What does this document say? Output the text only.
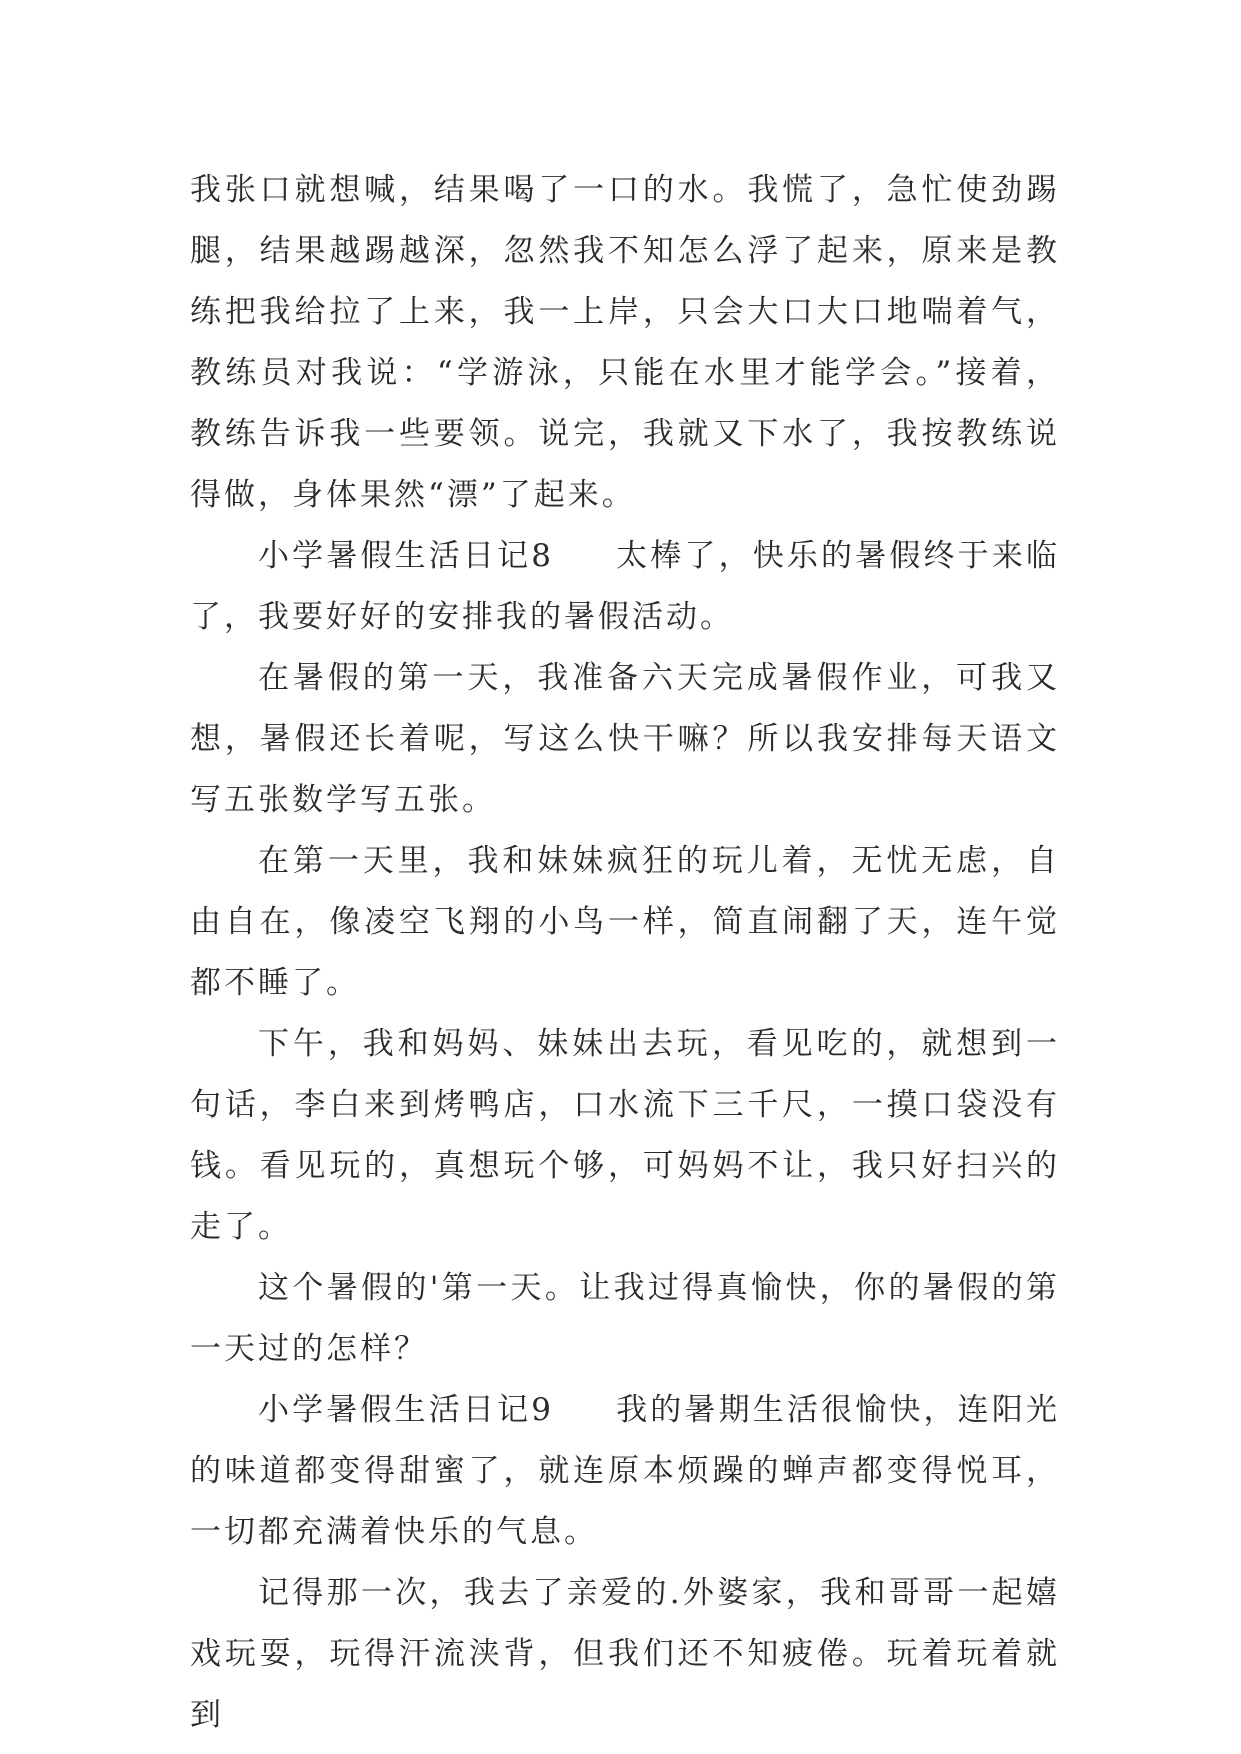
我张口就想喊，结果喝了一口的水。我慌了，急忙使劲踢腿，结果越踢越深，忽然我不知怎么浮了起来，原来是教练把我给拉了上来，我一上岸，只会大口大口地喘着气，教练员对我说：“学游泳，只能在水里才能学会。”接着，教练告诉我一些要领。说完，我就又下水了，我按教练说得做，身体果然“漂”了起来。

小学暑假生活日记8 太棒了，快乐的暑假终于来临了，我要好好的安排我的暑假活动。

在暑假的第一天，我准备六天完成暑假作业，可我又想，暑假还长着呢，写这么快干嘛？所以我安排每天语文写五张数学写五张。

在第一天里，我和妹妹疯狂的玩儿着，无忧无虑，自由自在，像凌空飞翔的小鸟一样，简直闹翻了天，连午觉都不睡了。

下午，我和妈妈、妹妹出去玩，看见吃的，就想到一句话，李白来到烤鸭店，口水流下三千尺，一摸口袋没有钱。看见玩的，真想玩个够，可妈妈不让，我只好扫兴的走了。

这个暑假的'第一天。让我过得真愉快，你的暑假的第一天过的怎样？

小学暑假生活日记9 我的暑期生活很愉快，连阳光的味道都变得甜蜜了，就连原本烦躁的蝉声都变得悦耳，一切都充满着快乐的气息。

记得那一次，我去了亲爱的.外婆家，我和哥哥一起嬉戏玩耍，玩得汗流浃背，但我们还不知疲倦。玩着玩着就到
